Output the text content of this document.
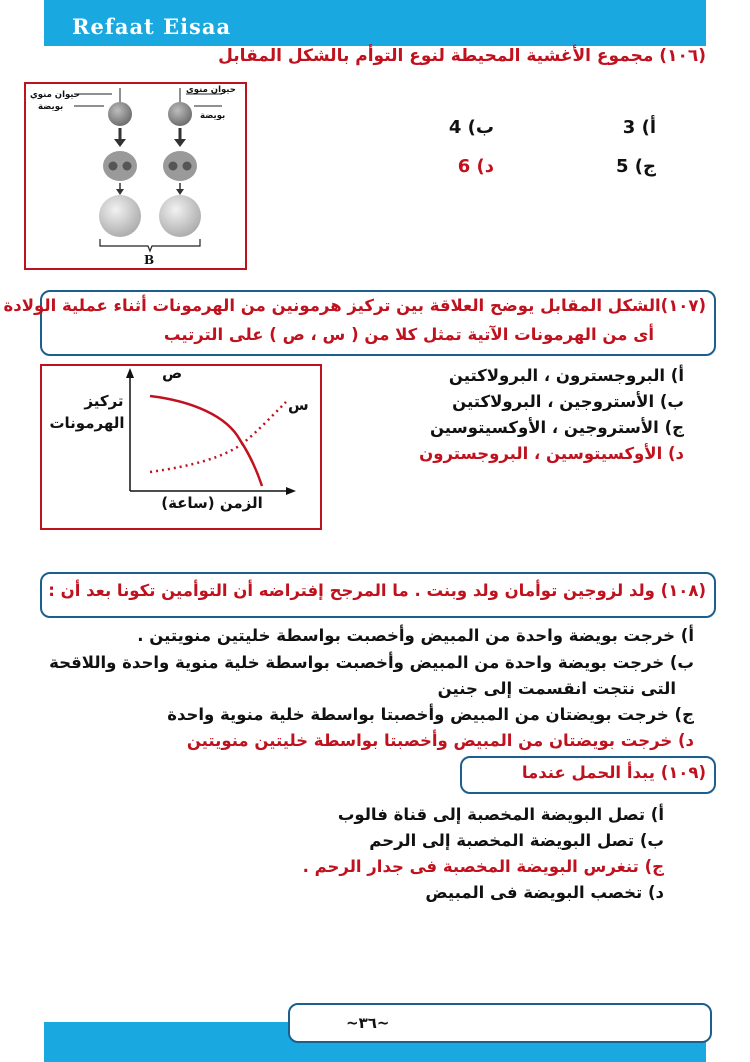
Refaat Eisaa
(١٠٦) مجموع الأغشية المحيطة لنوع التوأم بالشكل المقابل
حيوان منوي
بويضة
حيوان منوي
بويضة
B
أ) 3
ب) 4
ج) 5
د) 6
(١٠٧)الشكل المقابل يوضح العلاقة بين تركيز هرمونين من الهرمونات أثناء عملية الولادة
أى من الهرمونات الآتية تمثل كلا من ( س ، ص ) على الترتيب
ص
س
تركيز
الهرمونات
الزمن (ساعة)
أ) البروجسترون ، البرولاكتين
ب) الأستروجين ، البرولاكتين
ج) الأستروجين ، الأوكسيتوسين
د) الأوكسيتوسين ، البروجسترون
(١٠٨) ولد لزوجين توأمان ولد وبنت . ما المرجح إفتراضه أن التوأمين تكونا بعد أن :
أ) خرجت بويضة واحدة من المبيض وأخصبت بواسطة خليتين منويتين .
ب) خرجت بويضة واحدة من المبيض وأخصبت بواسطة خلية منوية واحدة واللاقحة
التى نتجت انقسمت إلى جنين
ج) خرجت بويضتان من المبيض وأخصبتا بواسطة خلية منوية واحدة
د) خرجت بويضتان من المبيض وأخصبتا بواسطة خليتين منويتين
(١٠٩) يبدأ الحمل عندما
أ) تصل البويضة المخصبة إلى قناة فالوب
ب) تصل البويضة المخصبة إلى الرحم
ج) تنغرس البويضة المخصبة فى جدار الرحم .
د) تخصب البويضة فى المبيض
~٣٦~
